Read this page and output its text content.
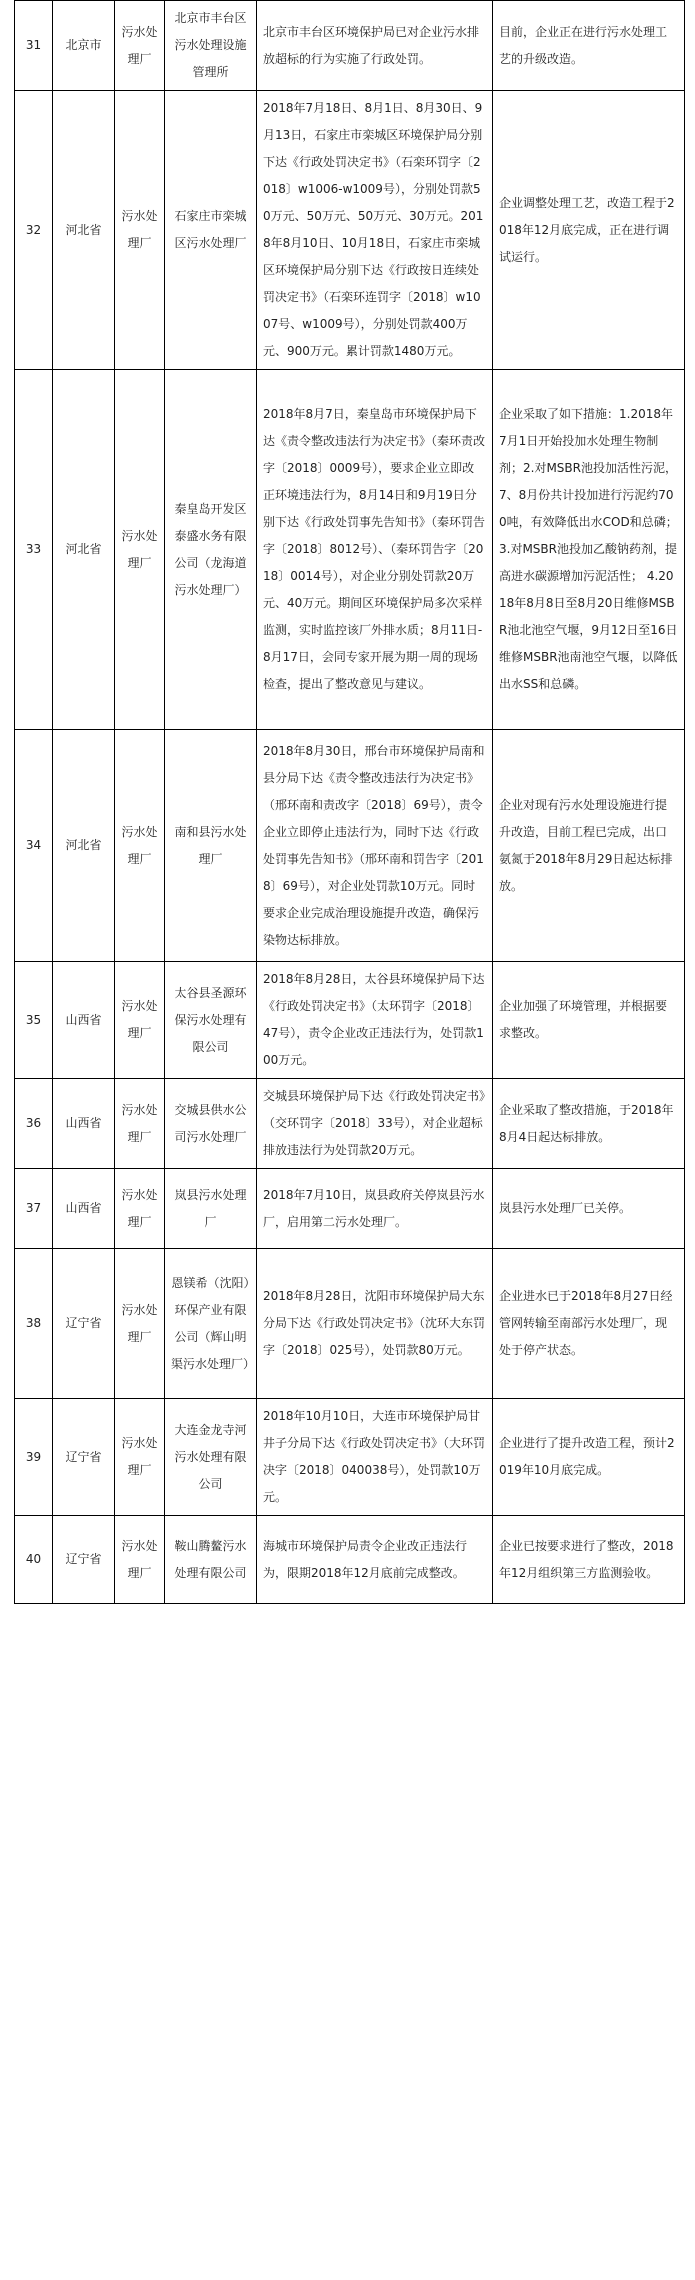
31	北京市	污水处理厂	北京市丰台区污水处理设施管理所	北京市丰台区环境保护局已对企业污水排放超标的行为实施了行政处罚。	目前，企业正在进行污水处理工艺的升级改造。
32	河北省	污水处理厂	石家庄市栾城区污水处理厂	2018年7月18日、8月1日、8月30日、9月13日，石家庄市栾城区环境保护局分别下达《行政处罚决定书》（石栾环罚字〔2018〕w1006-w1009号），分别处罚款50万元、50万元、50万元、30万元。2018年8月10日、10月18日，石家庄市栾城区环境保护局分别下达《行政按日连续处罚决定书》（石栾环连罚字〔2018〕w1007号、w1009号），分别处罚款400万元、900万元。累计罚款1480万元。	企业调整处理工艺，改造工程于2018年12月底完成，正在进行调试运行。
33	河北省	污水处理厂	秦皇岛开发区泰盛水务有限公司（龙海道污水处理厂）	2018年8月7日，秦皇岛市环境保护局下达《责令整改违法行为决定书》（秦环责改字〔2018〕0009号），要求企业立即改正环境违法行为，8月14日和9月19日分别下达《行政处罚事先告知书》（秦环罚告字〔2018〕8012号）、（秦环罚告字〔2018〕0014号），对企业分别处罚款20万元、40万元。期间区环境保护局多次采样监测，实时监控该厂外排水质；8月11日-8月17日，会同专家开展为期一周的现场检查，提出了整改意见与建议。	企业采取了如下措施：1.2018年7月1日开始投加水处理生物制剂；2.对MSBR池投加活性污泥，7、8月份共计投加进行污泥约700吨，有效降低出水COD和总磷；3.对MSBR池投加乙酸钠药剂，提高进水碳源增加污泥活性； 4.2018年8月8日至8月20日维修MSBR池北池空气堰，9月12日至16日维修MSBR池南池空气堰，以降低出水SS和总磷。
34	河北省	污水处理厂	南和县污水处理厂	2018年8月30日，邢台市环境保护局南和县分局下达《责令整改违法行为决定书》（邢环南和责改字〔2018〕69号），责令企业立即停止违法行为，同时下达《行政处罚事先告知书》（邢环南和罚告字〔2018〕69号），对企业处罚款10万元。同时要求企业完成治理设施提升改造，确保污染物达标排放。	企业对现有污水处理设施进行提升改造，目前工程已完成，出口氨氮于2018年8月29日起达标排放。
35	山西省	污水处理厂	太谷县圣源环保污水处理有限公司	2018年8月28日，太谷县环境保护局下达《行政处罚决定书》（太环罚字〔2018〕47号），责令企业改正违法行为，处罚款100万元。	企业加强了环境管理，并根据要求整改。
36	山西省	污水处理厂	交城县供水公司污水处理厂	交城县环境保护局下达《行政处罚决定书》（交环罚字〔2018〕33号），对企业超标排放违法行为处罚款20万元。	企业采取了整改措施，于2018年8月4日起达标排放。
37	山西省	污水处理厂	岚县污水处理厂	2018年7月10日，岚县政府关停岚县污水厂，启用第二污水处理厂。	岚县污水处理厂已关停。
38	辽宁省	污水处理厂	恩镁希（沈阳）环保产业有限公司（辉山明渠污水处理厂）	2018年8月28日，沈阳市环境保护局大东分局下达《行政处罚决定书》（沈环大东罚字〔2018〕025号），处罚款80万元。	企业进水已于2018年8月27日经管网转输至南部污水处理厂，现处于停产状态。
39	辽宁省	污水处理厂	大连金龙寺河污水处理有限公司	2018年10月10日，大连市环境保护局甘井子分局下达《行政处罚决定书》（大环罚决字〔2018〕040038号），处罚款10万元。	企业进行了提升改造工程，预计2019年10月底完成。
40	辽宁省	污水处理厂	鞍山腾鳌污水处理有限公司	海城市环境保护局责令企业改正违法行为，限期2018年12月底前完成整改。	企业已按要求进行了整改，2018年12月组织第三方监测验收。
